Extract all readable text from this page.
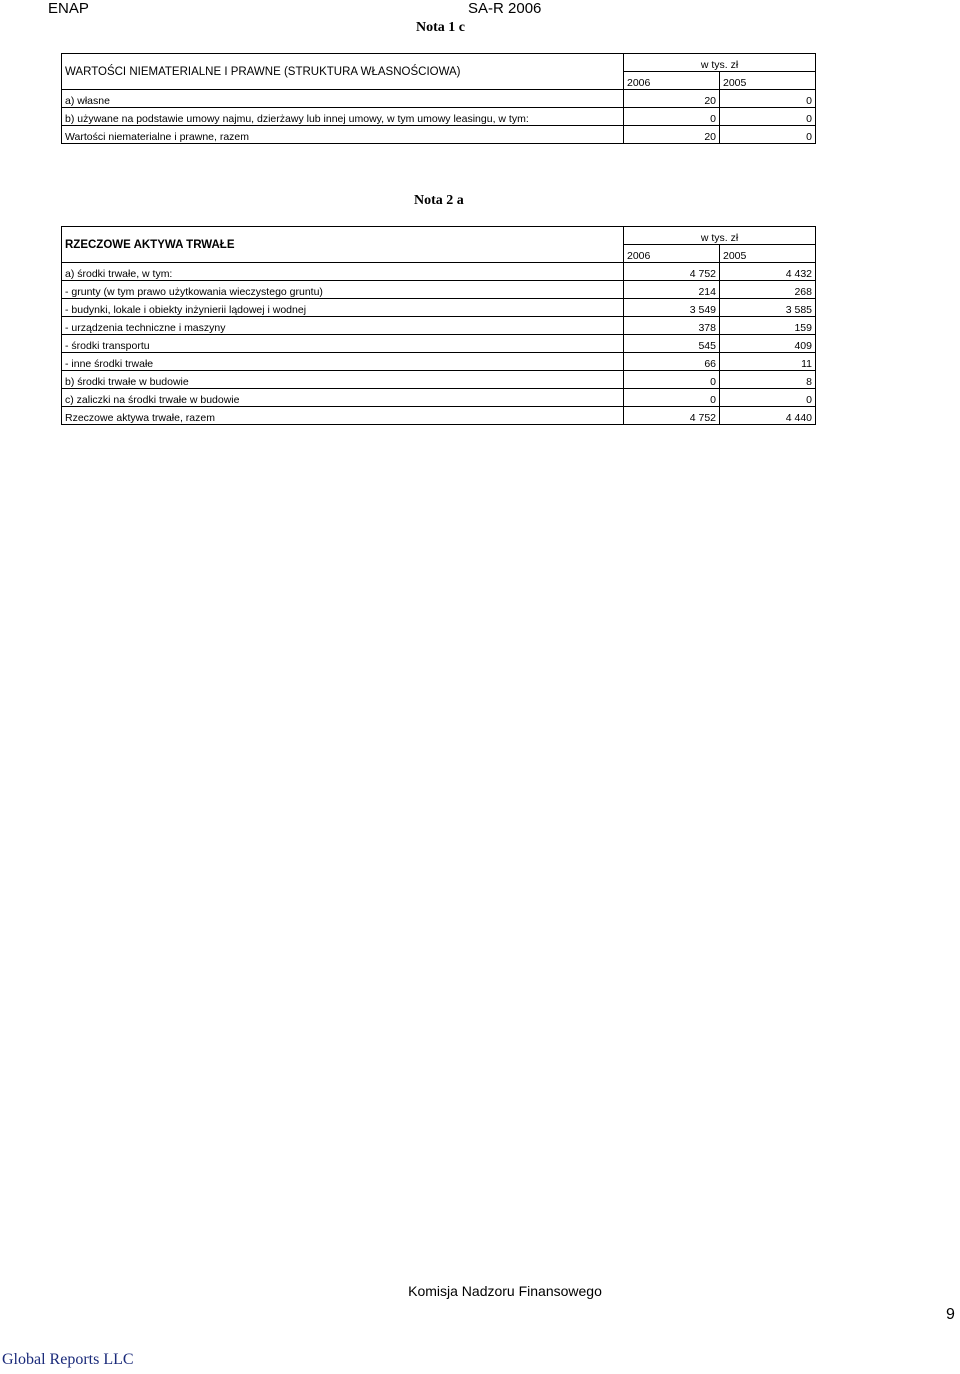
ENAP	SA-R 2006
Nota 1 c
WARTOŚCI NIEMATERIALNE I PRAWNE (STRUKTURA WŁASNOŚCIOWA)	w tys. zł	
	2006	2005
a) własne	20	0
b) używane na podstawie umowy najmu, dzierżawy lub innej umowy, w tym umowy leasingu, w tym:	0	0
Wartości niematerialne i prawne, razem	20	0
Nota 2 a
RZECZOWE AKTYWA TRWAŁE	w tys. zł	
	2006	2005
a) środki trwałe, w tym:	4 752	4 432
- grunty (w tym prawo użytkowania wieczystego gruntu)	214	268
- budynki, lokale i obiekty inżynierii lądowej i wodnej	3 549	3 585
- urządzenia techniczne i maszyny	378	159
- środki transportu	545	409
- inne środki trwałe	66	11
b) środki trwałe w budowie	0	8
c) zaliczki na środki trwałe w budowie	0	0
Rzeczowe aktywa trwałe, razem	4 752	4 440
Komisja Nadzoru Finansowego
9
Global Reports LLC
